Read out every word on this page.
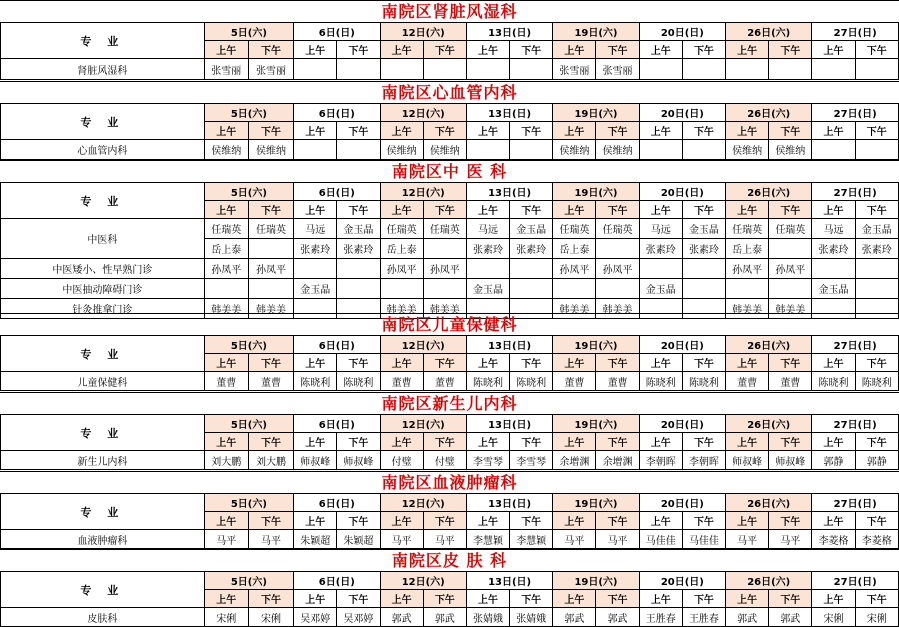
南院区肾脏风湿科
专 业	5日(六)		6日(日)		12日(六)		13日(日)		19日(六)		20日(日)		26日(六)		27日(日)	
	上午	下午	上午	下午	上午	下午	上午	下午	上午	下午	上午	下午	上午	下午	上午	下午
肾脏风湿科	张雪丽	张雪丽							张雪丽	张雪丽						
南院区心血管内科
专 业	5日(六)		6日(日)		12日(六)		13日(日)		19日(六)		20日(日)		26日(六)		27日(日)	
	上午	下午	上午	下午	上午	下午	上午	下午	上午	下午	上午	下午	上午	下午	上午	下午
心血管内科	侯维纳	侯维纳			侯维纳	侯维纳			侯维纳	侯维纳			侯维纳	侯维纳		
南院区中 医 科
专 业	5日(六)		6日(日)		12日(六)		13日(日)		19日(六)		20日(日)		26日(六)		27日(日)	
	上午	下午	上午	下午	上午	下午	上午	下午	上午	下午	上午	下午	上午	下午	上午	下午
中医科	任瑞英	任瑞英	马远	金玉晶	任瑞英	任瑞英	马远	金玉晶	任瑞英	任瑞英	马远	金玉晶	任瑞英	任瑞英	马远	金玉晶
	岳上泰		张素玲	张素玲	岳上泰		张素玲	张素玲	岳上泰		张素玲	张素玲	岳上泰		张素玲	张素玲
中医矮小、性早熟门诊	孙凤平	孙凤平			孙凤平	孙凤平			孙凤平	孙凤平			孙凤平	孙凤平		
中医抽动障碍门诊			金玉晶				金玉晶				金玉晶				金玉晶	
针灸推拿门诊	韩美美	韩美美			韩美美	韩美美			韩美美	韩美美			韩美美	韩美美		
南院区儿童保健科
专 业	5日(六)		6日(日)		12日(六)		13日(日)		19日(六)		20日(日)		26日(六)		27日(日)	
	上午	下午	上午	下午	上午	下午	上午	下午	上午	下午	上午	下午	上午	下午	上午	下午
儿童保健科	董曹	董曹	陈晓利	陈晓利	董曹	董曹	陈晓利	陈晓利	董曹	董曹	陈晓利	陈晓利	董曹	董曹	陈晓利	陈晓利
南院区新生儿内科
专 业	5日(六)		6日(日)		12日(六)		13日(日)		19日(六)		20日(日)		26日(六)		27日(日)	
	上午	下午	上午	下午	上午	下午	上午	下午	上午	下午	上午	下午	上午	下午	上午	下午
新生儿内科	刘大鹏	刘大鹏	师叔峰	师叔峰	付璧	付璧	李雪琴	李雪琴	余增渊	余增渊	李朝晖	李朝晖	师叔峰	师叔峰	郭静	郭静
南院区血液肿瘤科
专 业	5日(六)		6日(日)		12日(六)		13日(日)		19日(六)		20日(日)		26日(六)		27日(日)	
	上午	下午	上午	下午	上午	下午	上午	下午	上午	下午	上午	下午	上午	下午	上午	下午
血液肿瘤科	马平	马平	朱颖超	朱颖超	马平	马平	李慧颖	李慧颖	马平	马平	马佳佳	马佳佳	马平	马平	李菱格	李菱格
南院区皮 肤 科
专 业	5日(六)		6日(日)		12日(六)		13日(日)		19日(六)		20日(日)		26日(六)		27日(日)	
	上午	下午	上午	下午	上午	下午	上午	下午	上午	下午	上午	下午	上午	下午	上午	下午
皮肤科	宋俐	宋俐	吴邓婷	吴邓婷	郭武	郭武	张婧娥	张婧娥	郭武	郭武	王胜春	王胜春	郭武	郭武	宋俐	宋俐
